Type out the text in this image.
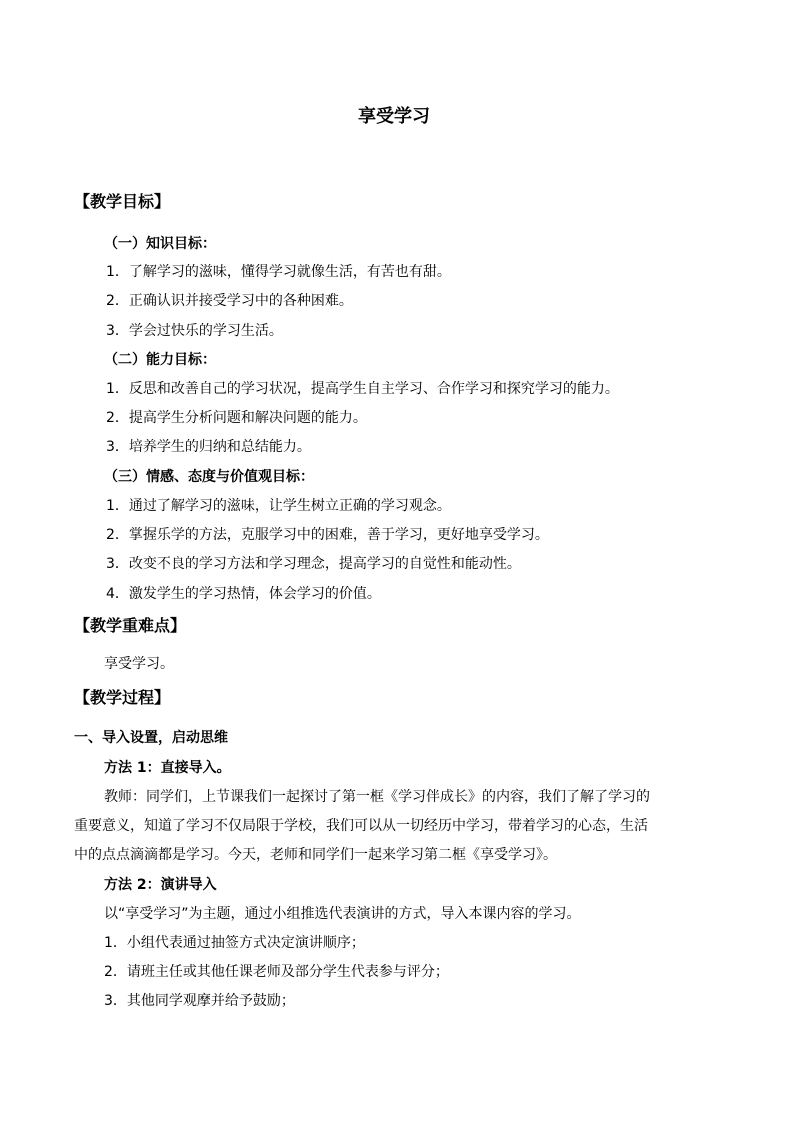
享受学习
【教学目标】
（一）知识目标：
1．了解学习的滋味，懂得学习就像生活，有苦也有甜。
2．正确认识并接受学习中的各种困难。
3．学会过快乐的学习生活。
（二）能力目标：
1．反思和改善自己的学习状况，提高学生自主学习、合作学习和探究学习的能力。
2．提高学生分析问题和解决问题的能力。
3．培养学生的归纳和总结能力。
（三）情感、态度与价值观目标：
1．通过了解学习的滋味，让学生树立正确的学习观念。
2．掌握乐学的方法，克服学习中的困难，善于学习，更好地享受学习。
3．改变不良的学习方法和学习理念，提高学习的自觉性和能动性。
4．激发学生的学习热情，体会学习的价值。
【教学重难点】
享受学习。
【教学过程】
一、导入设置，启动思维
方法 1：直接导入。
教师：同学们，上节课我们一起探讨了第一框《学习伴成长》的内容，我们了解了学习的
重要意义，知道了学习不仅局限于学校，我们可以从一切经历中学习，带着学习的心态，生活
中的点点滴滴都是学习。今天，老师和同学们一起来学习第二框《享受学习》。
方法 2：演讲导入
以“享受学习”为主题，通过小组推选代表演讲的方式，导入本课内容的学习。
1．小组代表通过抽签方式决定演讲顺序；
2．请班主任或其他任课老师及部分学生代表参与评分；
3．其他同学观摩并给予鼓励；
